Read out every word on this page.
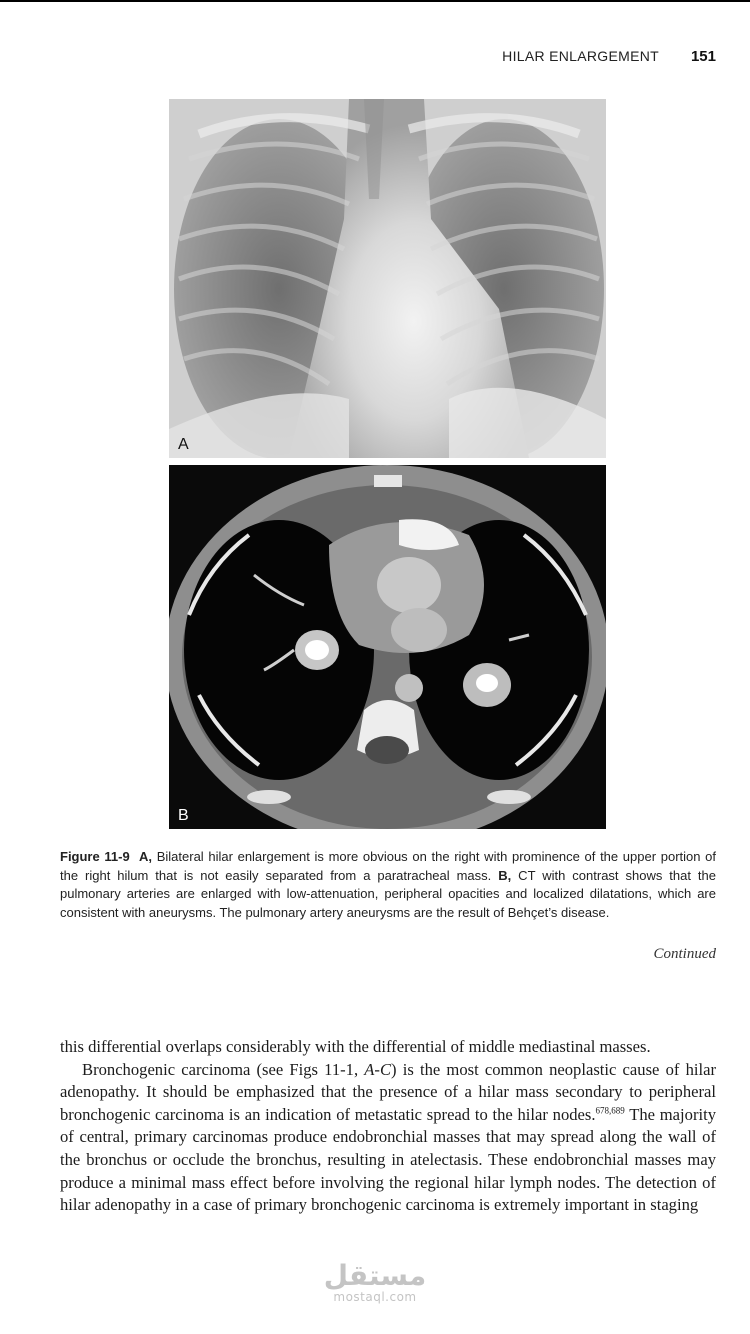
HILAR ENLARGEMENT 151
A
B
Figure 11-9 A, Bilateral hilar enlargement is more obvious on the right with prominence of the upper portion of the right hilum that is not easily separated from a paratracheal mass. B, CT with contrast shows that the pulmonary arteries are enlarged with low-attenuation, peripheral opacities and localized dilatations, which are consistent with aneurysms. The pulmonary artery aneurysms are the result of Behçet’s disease.
Continued

this differential overlaps considerably with the differential of middle mediastinal masses.

Bronchogenic carcinoma (see Figs 11-1, A-C) is the most common neoplastic cause of hilar adenopathy. It should be emphasized that the presence of a hilar mass secondary to peripheral bronchogenic carcinoma is an indication of metastatic spread to the hilar nodes.$^{678,689}$ The majority of central, primary carcinomas produce endobronchial masses that may spread along the wall of the bronchus or occlude the bronchus, resulting in atelectasis. These endobronchial masses may produce a minimal mass effect before involving the regional hilar lymph nodes. The detection of hilar adenopathy in a case of primary bronchogenic carcinoma is extremely important in staging

مستقل
mostaql.com
